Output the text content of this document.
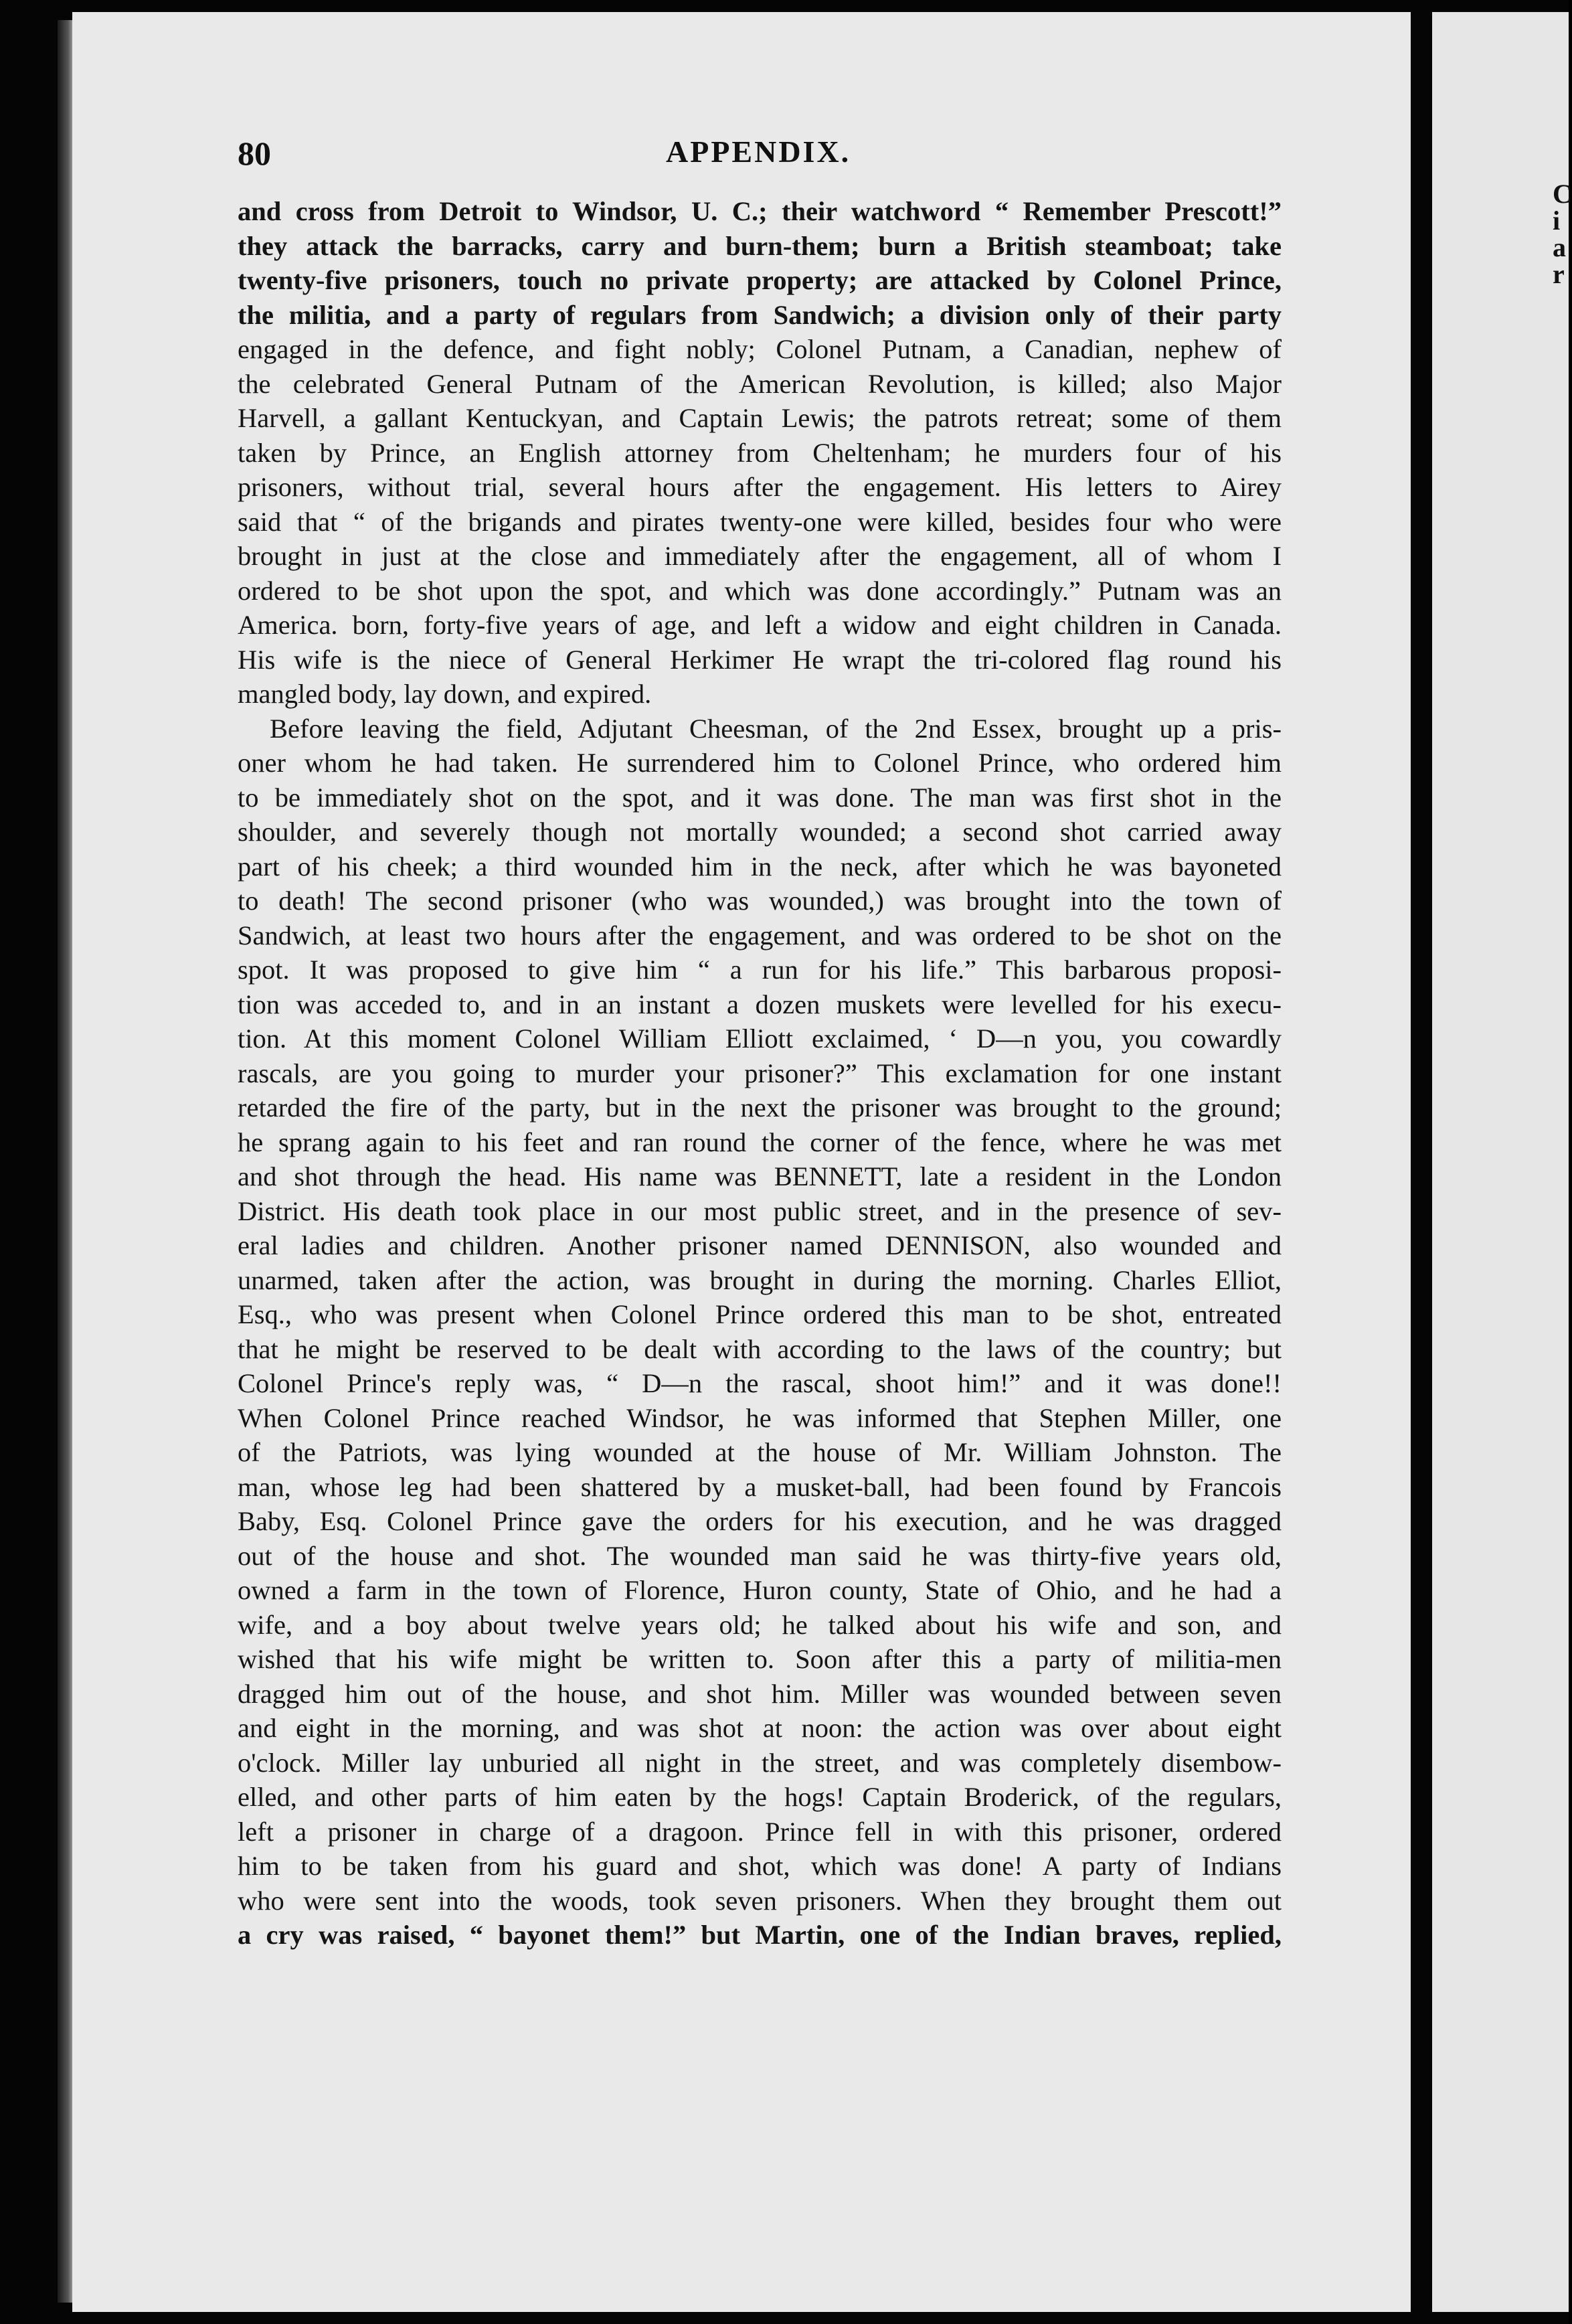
C
i
a
r
80	APPENDIX.
and cross from Detroit to Windsor, U. C.; their watchword “ Remember Prescott!”
they attack the barracks, carry and burn-them; burn a British steamboat; take
twenty-five prisoners, touch no private property; are attacked by Colonel Prince,
the militia, and a party of regulars from Sandwich; a division only of their party
engaged in the defence, and fight nobly; Colonel Putnam, a Canadian, nephew of
the celebrated General Putnam of the American Revolution, is killed; also Major
Harvell, a gallant Kentuckyan, and Captain Lewis; the patrots retreat; some of them
taken by Prince, an English attorney from Cheltenham; he murders four of his
prisoners, without trial, several hours after the engagement. His letters to Airey
said that “ of the brigands and pirates twenty-one were killed, besides four who were
brought in just at the close and immediately after the engagement, all of whom I
ordered to be shot upon the spot, and which was done accordingly.” Putnam was an
America. born, forty-five years of age, and left a widow and eight children in Canada.
His wife is the niece of General Herkimer He wrapt the tri-colored flag round his
mangled body, lay down, and expired.
Before leaving the field, Adjutant Cheesman, of the 2nd Essex, brought up a pris-
oner whom he had taken. He surrendered him to Colonel Prince, who ordered him
to be immediately shot on the spot, and it was done. The man was first shot in the
shoulder, and severely though not mortally wounded; a second shot carried away
part of his cheek; a third wounded him in the neck, after which he was bayoneted
to death! The second prisoner (who was wounded,) was brought into the town of
Sandwich, at least two hours after the engagement, and was ordered to be shot on the
spot. It was proposed to give him “ a run for his life.” This barbarous proposi-
tion was acceded to, and in an instant a dozen muskets were levelled for his execu-
tion. At this moment Colonel William Elliott exclaimed, ‘ D—n you, you cowardly
rascals, are you going to murder your prisoner?” This exclamation for one instant
retarded the fire of the party, but in the next the prisoner was brought to the ground;
he sprang again to his feet and ran round the corner of the fence, where he was met
and shot through the head. His name was BENNETT, late a resident in the London
District. His death took place in our most public street, and in the presence of sev-
eral ladies and children. Another prisoner named DENNISON, also wounded and
unarmed, taken after the action, was brought in during the morning. Charles Elliot,
Esq., who was present when Colonel Prince ordered this man to be shot, entreated
that he might be reserved to be dealt with according to the laws of the country; but
Colonel Prince's reply was, “ D—n the rascal, shoot him!” and it was done!!
When Colonel Prince reached Windsor, he was informed that Stephen Miller, one
of the Patriots, was lying wounded at the house of Mr. William Johnston. The
man, whose leg had been shattered by a musket-ball, had been found by Francois
Baby, Esq. Colonel Prince gave the orders for his execution, and he was dragged
out of the house and shot. The wounded man said he was thirty-five years old,
owned a farm in the town of Florence, Huron county, State of Ohio, and he had a
wife, and a boy about twelve years old; he talked about his wife and son, and
wished that his wife might be written to. Soon after this a party of militia-men
dragged him out of the house, and shot him. Miller was wounded between seven
and eight in the morning, and was shot at noon: the action was over about eight
o'clock. Miller lay unburied all night in the street, and was completely disembow-
elled, and other parts of him eaten by the hogs! Captain Broderick, of the regulars,
left a prisoner in charge of a dragoon. Prince fell in with this prisoner, ordered
him to be taken from his guard and shot, which was done! A party of Indians
who were sent into the woods, took seven prisoners. When they brought them out
a cry was raised, “ bayonet them!” but Martin, one of the Indian braves, replied,
